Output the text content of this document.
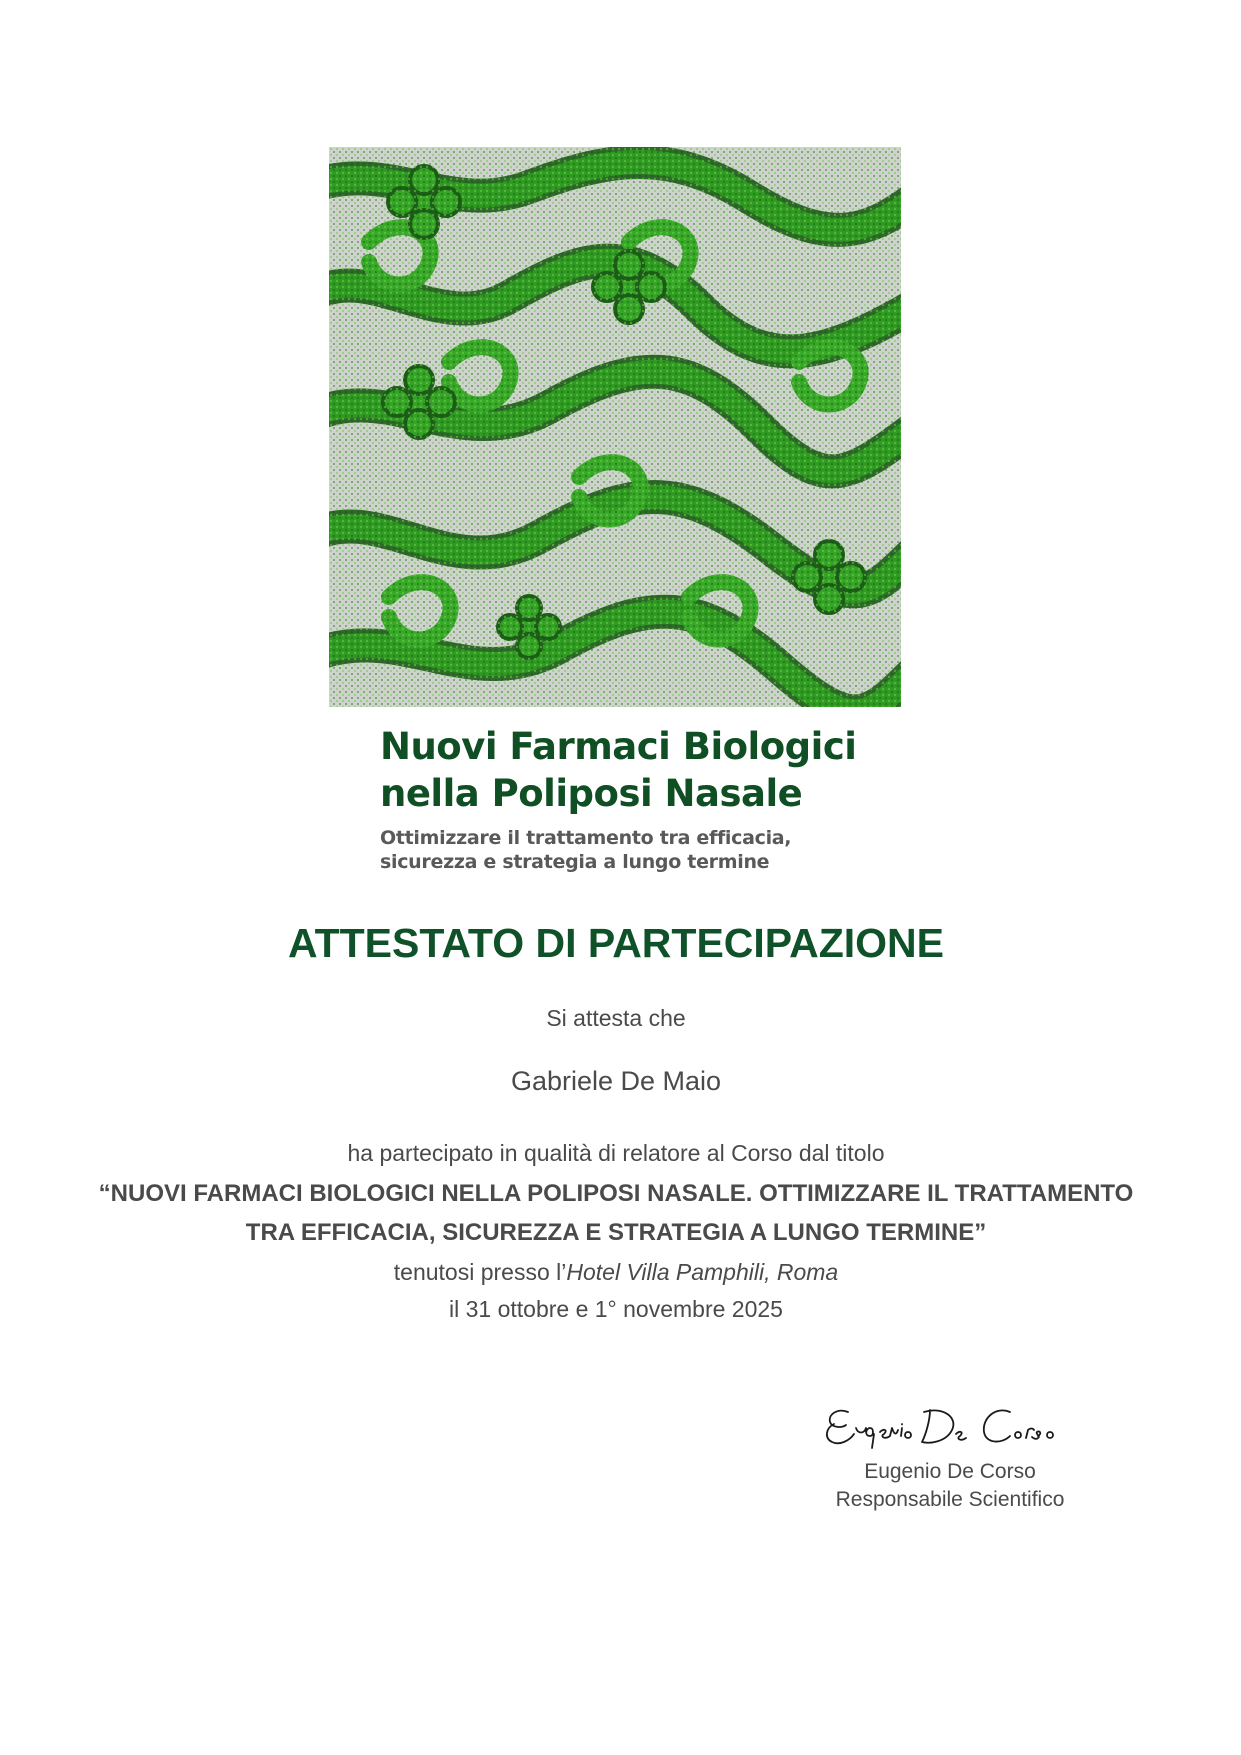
Nuovi Farmaci Biologici
nella Poliposi Nasale
Ottimizzare il trattamento tra efficacia,
sicurezza e strategia a lungo termine
ATTESTATO DI PARTECIPAZIONE
Si attesta che
Gabriele De Maio
ha partecipato in qualità di relatore al Corso dal titolo
“NUOVI FARMACI BIOLOGICI NELLA POLIPOSI NASALE. OTTIMIZZARE IL TRATTAMENTO
TRA EFFICACIA, SICUREZZA E STRATEGIA A LUNGO TERMINE”
tenutosi presso l’Hotel Villa Pamphili, Roma
il 31 ottobre e 1° novembre 2025
Eugenio De Corso
Responsabile Scientifico
